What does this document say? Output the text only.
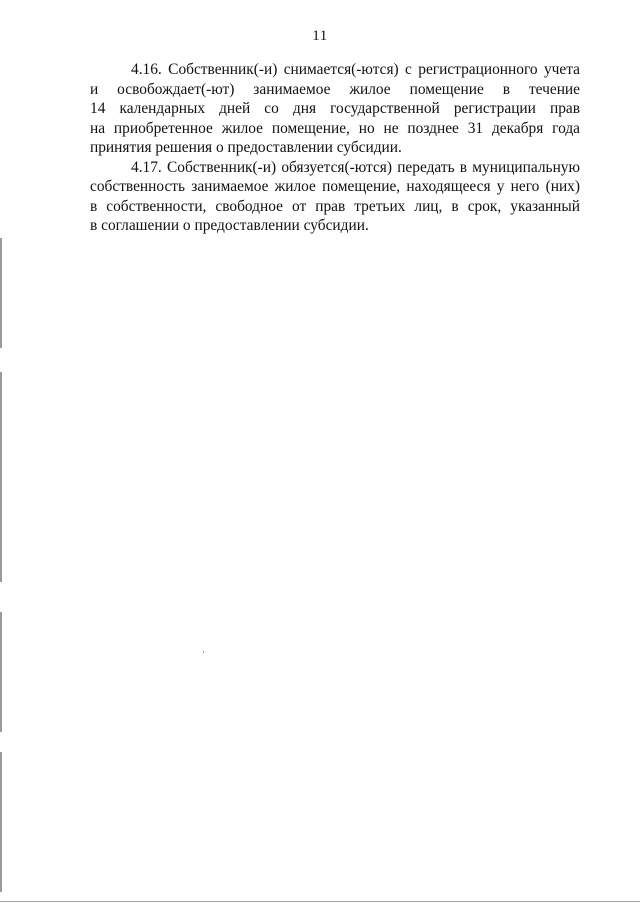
11
4.16. Собственник(-и) снимается(-ются) с регистрационного учета
и освобождает(-ют) занимаемое жилое помещение в течение
14 календарных дней со дня государственной регистрации прав
на приобретенное жилое помещение, но не позднее 31 декабря года
принятия решения о предоставлении субсидии.
4.17. Собственник(-и) обязуется(-ются) передать в муниципальную
собственность занимаемое жилое помещение, находящееся у него (них)
в собственности, свободное от прав третьих лиц, в срок, указанный
в соглашении о предоставлении субсидии.
